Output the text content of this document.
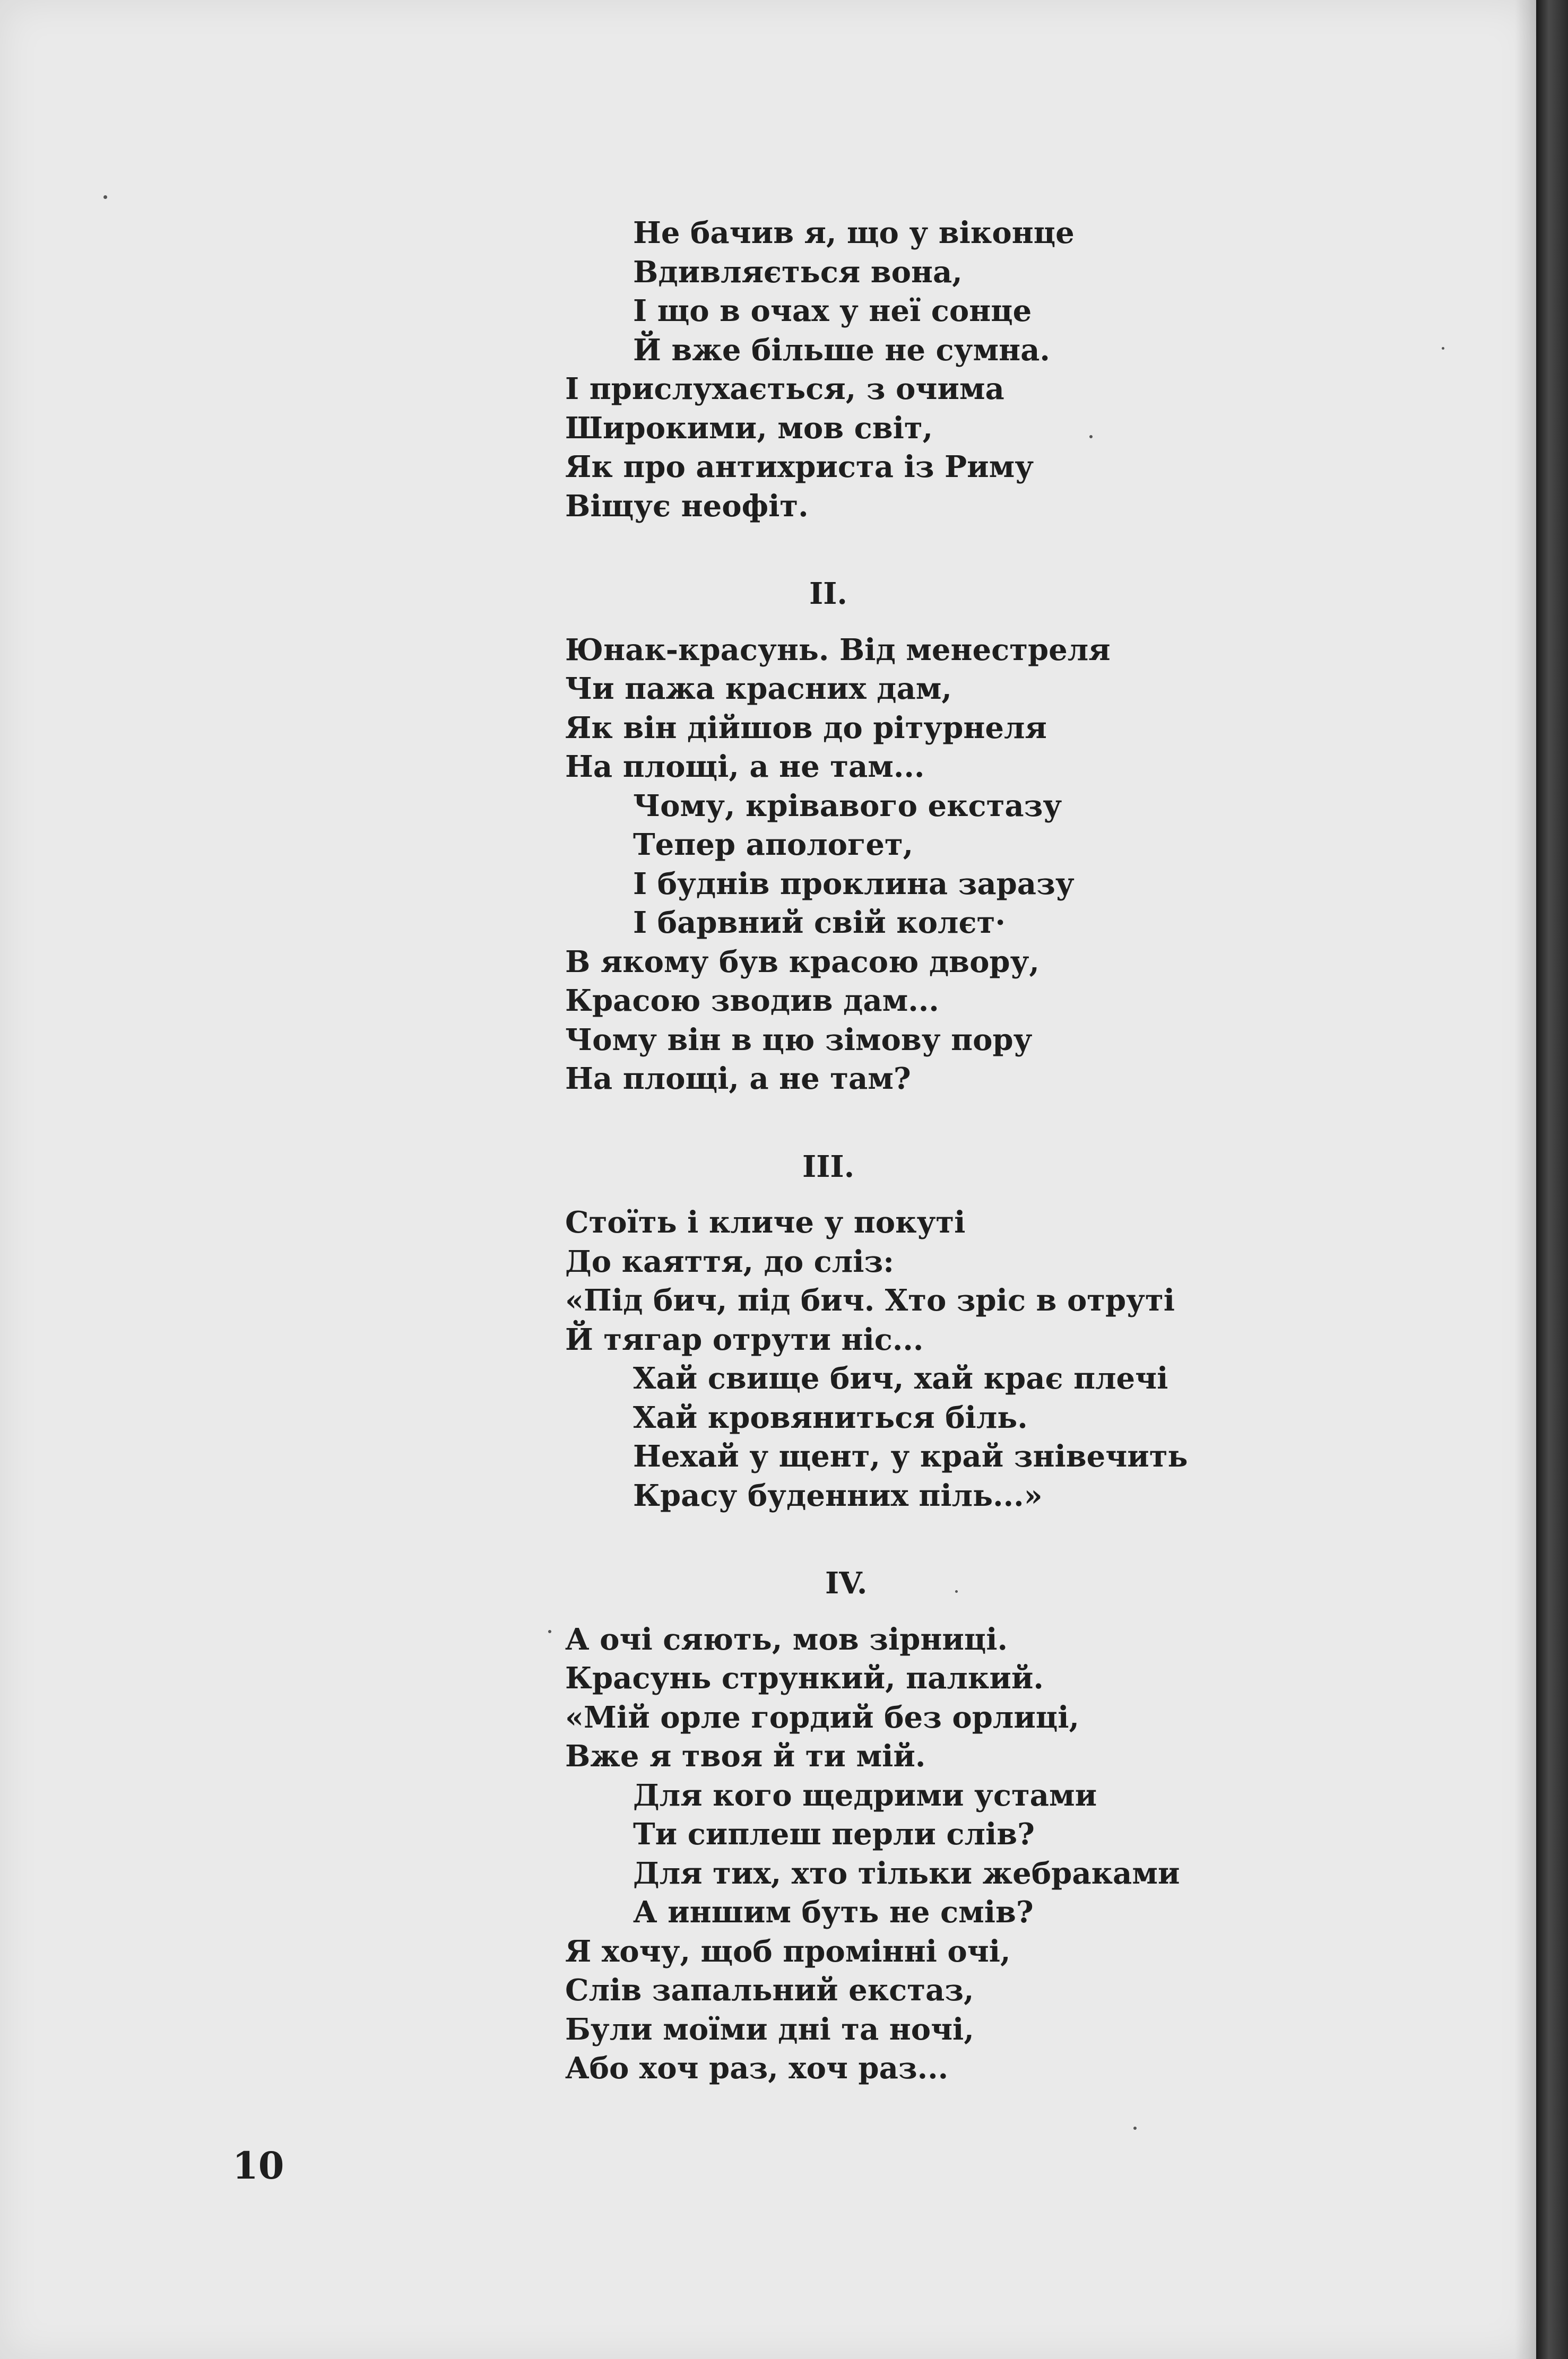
Не бачив я, що у віконце
Вдивляється вона,
І що в очах у неї сонце
Й вже більше не сумна.
І прислухається, з очима
Широкими, мов світ,
Як про антихриста із Риму
Віщує неофіт.
II.
Юнак-красунь. Від менестреля
Чи пажа красних дам,
Як він дійшов до рітурнеля
На площі, а не там...
Чому, крівавого екстазу
Тепер апологет,
І буднів проклина заразу
І барвний свій колєт·
В якому був красою двору,
Красою зводив дам...
Чому він в цю зімову пору
На площі, а не там?
III.
Стоїть і кличе у покуті
До каяття, до сліз:
«Під бич, під бич. Хто зріс в отруті
Й тягар отрути ніс...
Хай свище бич, хай крає плечі
Хай кровяниться біль.
Нехай у щент, у край знівечить
Красу буденних піль...»
IV.
А очі сяють, мов зірниці.
Красунь стрункий, палкий.
«Мій орле гордий без орлиці,
Вже я твоя й ти мій.
Для кого щедрими устами
Ти сиплеш перли слів?
Для тих, хто тільки жебраками
А иншим буть не смів?
Я хочу, щоб промінні очі,
Слів запальний екстаз,
Були моїми дні та ночі,
Або хоч раз, хоч раз...
10
